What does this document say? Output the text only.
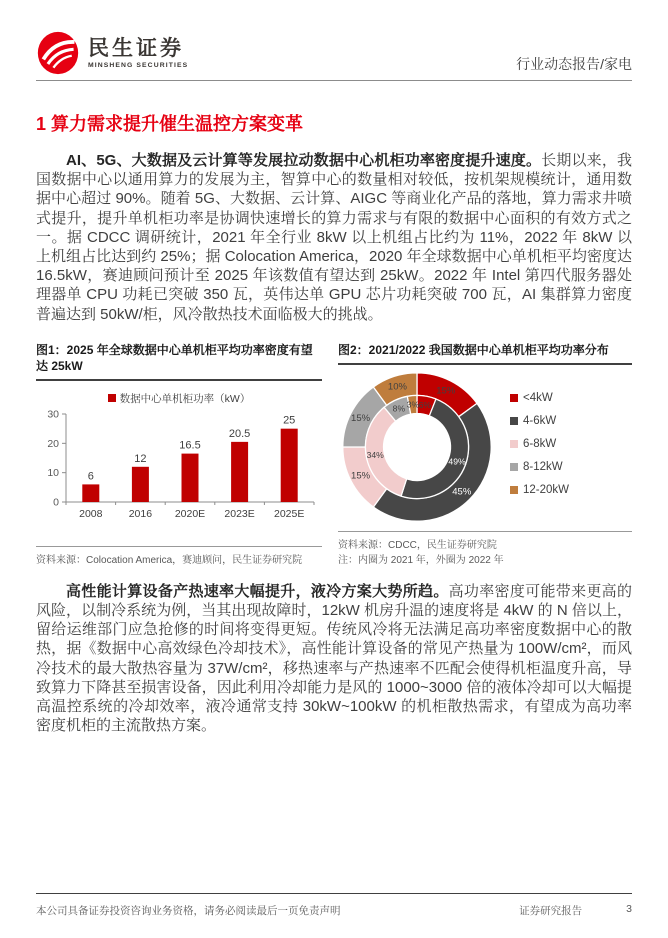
民生证券
MINSHENG SECURITIES	行业动态报告/家电
1 算力需求提升催生温控方案变革

AI、5G、大数据及云计算等发展拉动数据中心机柜功率密度提升速度。长期以来，我国数据中心以通用算力的发展为主，智算中心的数量相对较低，按机架规模统计，通用数据中心超过 90%。随着 5G、大数据、云计算、AIGC 等商业化产品的落地，算力需求井喷式提升，提升单机柜功率是协调快速增长的算力需求与有限的数据中心面积的有效方式之一。据 CDCC 调研统计，2021 年全行业 8kW 以上机组占比约为 11%，2022 年 8kW 以上机组占比达到约 25%；据 Colocation America，2020 年全球数据中心单机柜平均密度达 16.5kW，赛迪顾问预计至 2025 年该数值有望达到 25kW。2022 年 Intel 第四代服务器处理器单 CPU 功耗已突破 350 瓦，英伟达单 GPU 芯片功耗突破 700 瓦，AI 集群算力密度普遍达到 50kW/柜，风冷散热技术面临极大的挑战。

图1：2025 年全球数据中心单机柜平均功率密度有望达 25kW
数据中心单机柜功率（kW）
0
10
20
30
6
2008
12
2016
16.5
2020E
20.5
2023E
25
2025E
资料来源：Colocation America，赛迪顾问，民生证券研究院
图2：2021/2022 我国数据中心单机柜平均功率分布
15%
45%
15%
15%
10%
6%
49%
34%
8% 3%
<4kW
4-6kW
6-8kW
8-12kW
12-20kW
资料来源：CDCC，民生证券研究院
注：内圈为 2021 年，外圈为 2022 年

高性能计算设备产热速率大幅提升，液冷方案大势所趋。高功率密度可能带来更高的风险，以制冷系统为例，当其出现故障时，12kW 机房升温的速度将是 4kW 的 N 倍以上，留给运维部门应急抢修的时间将变得更短。传统风冷将无法满足高功率密度数据中心的散热，据《数据中心高效绿色冷却技术》，高性能计算设备的常见产热量为 100W/cm²，而风冷技术的最大散热容量为 37W/cm²，移热速率与产热速率不匹配会使得机柜温度升高，导致算力下降甚至损害设备，因此利用冷却能力是风的 1000~3000 倍的液体冷却可以大幅提高温控系统的冷却效率，液冷通常支持 30kW~100kW 的机柜散热需求，有望成为高功率密度机柜的主流散热方案。

本公司具备证券投资咨询业务资格，请务必阅读最后一页免责声明	证券研究报告	3
